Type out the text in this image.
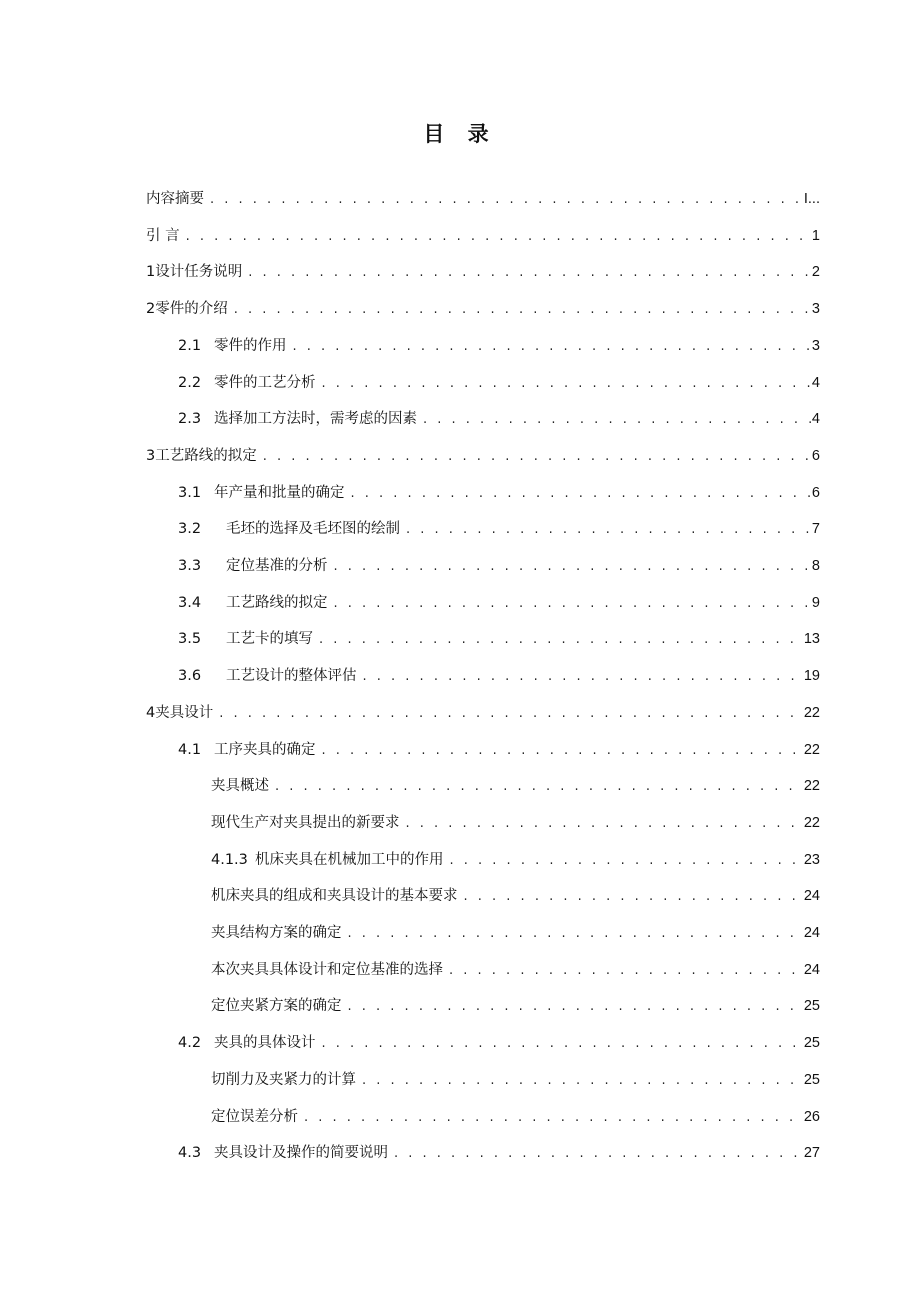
目 录
内容摘要 . . .	I...
引 言 . . .	1
1设计任务说明 . . .	2
2零件的介绍 . . .	3
2.1 零件的作用 . . .	3
2.2 零件的工艺分析 . . .	4
2.3 选择加工方法时，需考虑的因素 . . .	4
3工艺路线的拟定 . . .	6
3.1 年产量和批量的确定 . . .	6
3.2 毛坯的选择及毛坯图的绘制 . . .	7
3.3 定位基准的分析 . . .	8
3.4 工艺路线的拟定 . . .	9
3.5 工艺卡的填写 . . .	13
3.6 工艺设计的整体评估 . . .	19
4夹具设计 . . .	22
4.1 工序夹具的确定 . . .	22
夹具概述 . . .	22
现代生产对夹具提出的新要求 . . .	22
4.1.3 机床夹具在机械加工中的作用 . . .	23
机床夹具的组成和夹具设计的基本要求 . . .	24
夹具结构方案的确定 . . .	24
本次夹具具体设计和定位基准的选择 . . .	24
定位夹紧方案的确定 . . .	25
4.2 夹具的具体设计 . . .	25
切削力及夹紧力的计算 . . .	25
定位误差分析 . . .	26
4.3 夹具设计及操作的简要说明 . . .	27
